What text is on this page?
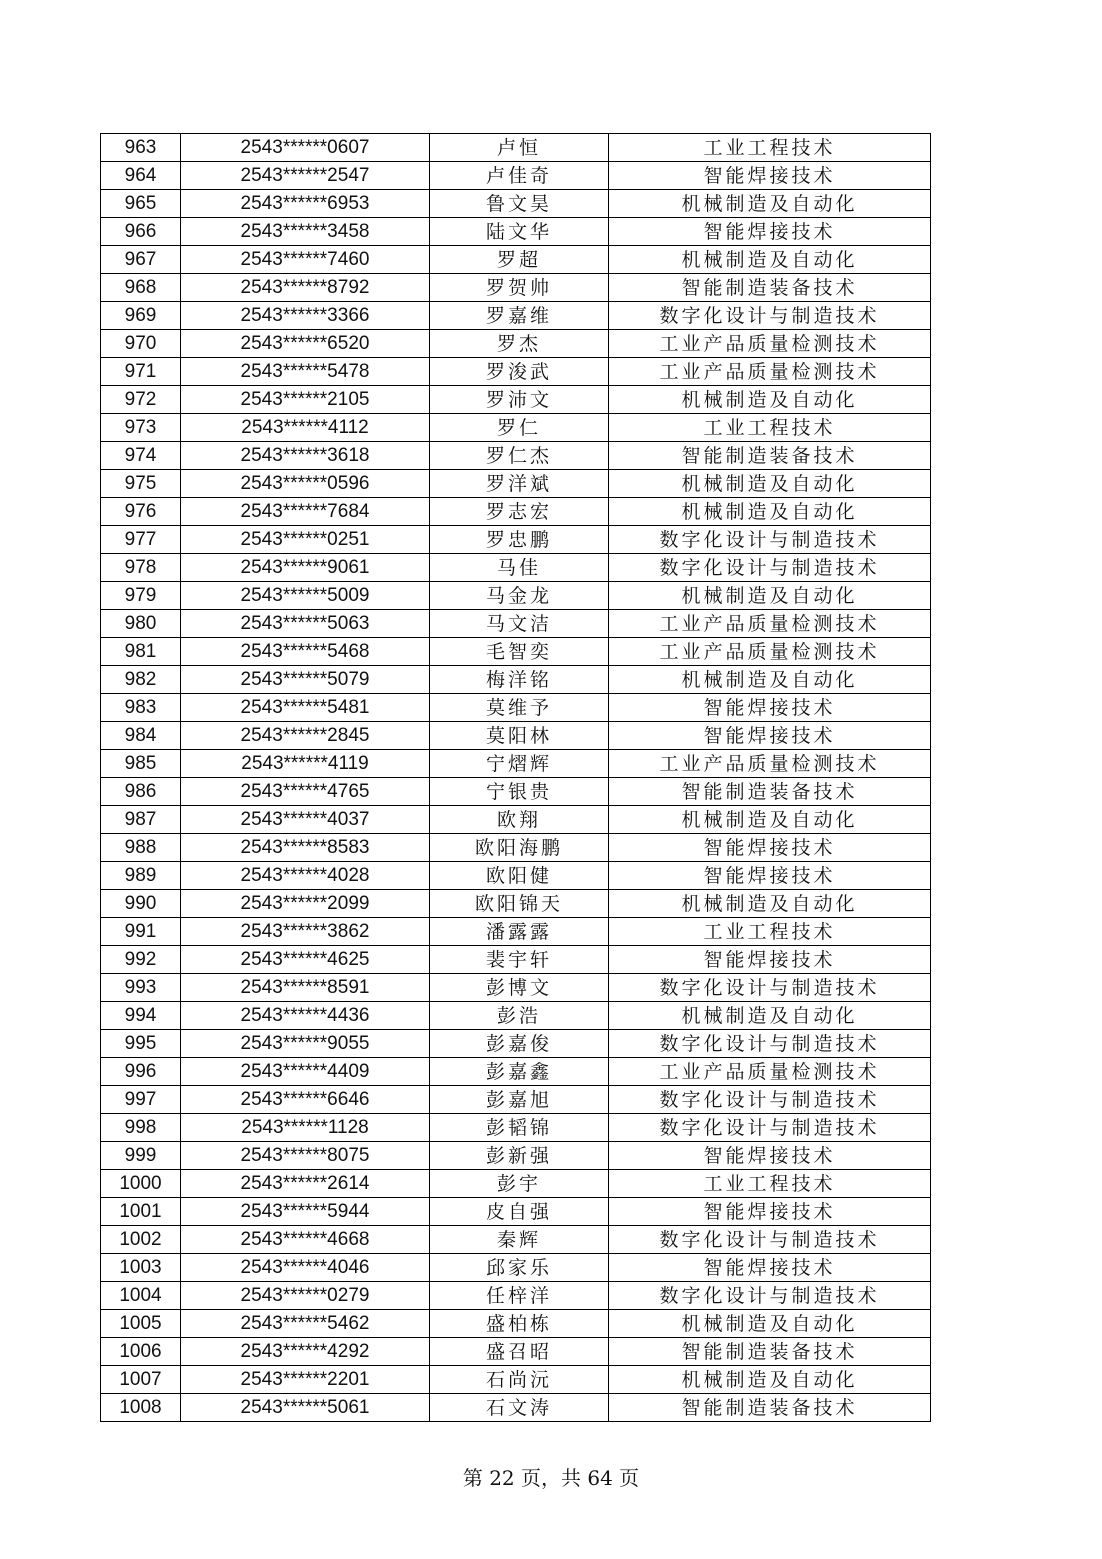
963	2543******0607	卢恒	工业工程技术
964	2543******2547	卢佳奇	智能焊接技术
965	2543******6953	鲁文昊	机械制造及自动化
966	2543******3458	陆文华	智能焊接技术
967	2543******7460	罗超	机械制造及自动化
968	2543******8792	罗贺帅	智能制造装备技术
969	2543******3366	罗嘉维	数字化设计与制造技术
970	2543******6520	罗杰	工业产品质量检测技术
971	2543******5478	罗浚武	工业产品质量检测技术
972	2543******2105	罗沛文	机械制造及自动化
973	2543******4112	罗仁	工业工程技术
974	2543******3618	罗仁杰	智能制造装备技术
975	2543******0596	罗洋斌	机械制造及自动化
976	2543******7684	罗志宏	机械制造及自动化
977	2543******0251	罗忠鹏	数字化设计与制造技术
978	2543******9061	马佳	数字化设计与制造技术
979	2543******5009	马金龙	机械制造及自动化
980	2543******5063	马文洁	工业产品质量检测技术
981	2543******5468	毛智奕	工业产品质量检测技术
982	2543******5079	梅洋铭	机械制造及自动化
983	2543******5481	莫维予	智能焊接技术
984	2543******2845	莫阳林	智能焊接技术
985	2543******4119	宁熠辉	工业产品质量检测技术
986	2543******4765	宁银贵	智能制造装备技术
987	2543******4037	欧翔	机械制造及自动化
988	2543******8583	欧阳海鹏	智能焊接技术
989	2543******4028	欧阳健	智能焊接技术
990	2543******2099	欧阳锦天	机械制造及自动化
991	2543******3862	潘露露	工业工程技术
992	2543******4625	裴宇轩	智能焊接技术
993	2543******8591	彭博文	数字化设计与制造技术
994	2543******4436	彭浩	机械制造及自动化
995	2543******9055	彭嘉俊	数字化设计与制造技术
996	2543******4409	彭嘉鑫	工业产品质量检测技术
997	2543******6646	彭嘉旭	数字化设计与制造技术
998	2543******1128	彭韬锦	数字化设计与制造技术
999	2543******8075	彭新强	智能焊接技术
1000	2543******2614	彭宇	工业工程技术
1001	2543******5944	皮自强	智能焊接技术
1002	2543******4668	秦辉	数字化设计与制造技术
1003	2543******4046	邱家乐	智能焊接技术
1004	2543******0279	任梓洋	数字化设计与制造技术
1005	2543******5462	盛柏栋	机械制造及自动化
1006	2543******4292	盛召昭	智能制造装备技术
1007	2543******2201	石尚沅	机械制造及自动化
1008	2543******5061	石文涛	智能制造装备技术
第 22 页，共 64 页
